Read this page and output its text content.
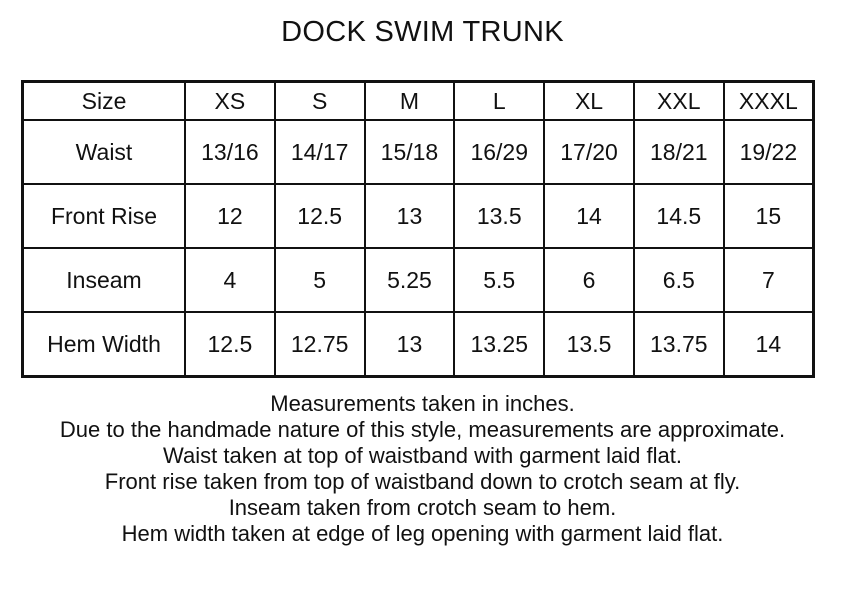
DOCK SWIM TRUNK
Size	XS	S	M	L	XL	XXL	XXXL
Waist	13/16	14/17	15/18	16/29	17/20	18/21	19/22
Front Rise	12	12.5	13	13.5	14	14.5	15
Inseam	4	5	5.25	5.5	6	6.5	7
Hem Width	12.5	12.75	13	13.25	13.5	13.75	14

Measurements taken in inches.

Due to the handmade nature of this style, measurements are approximate.

Waist taken at top of waistband with garment laid flat.

Front rise taken from top of waistband down to crotch seam at fly.

Inseam taken from crotch seam to hem.

Hem width taken at edge of leg opening with garment laid flat.
